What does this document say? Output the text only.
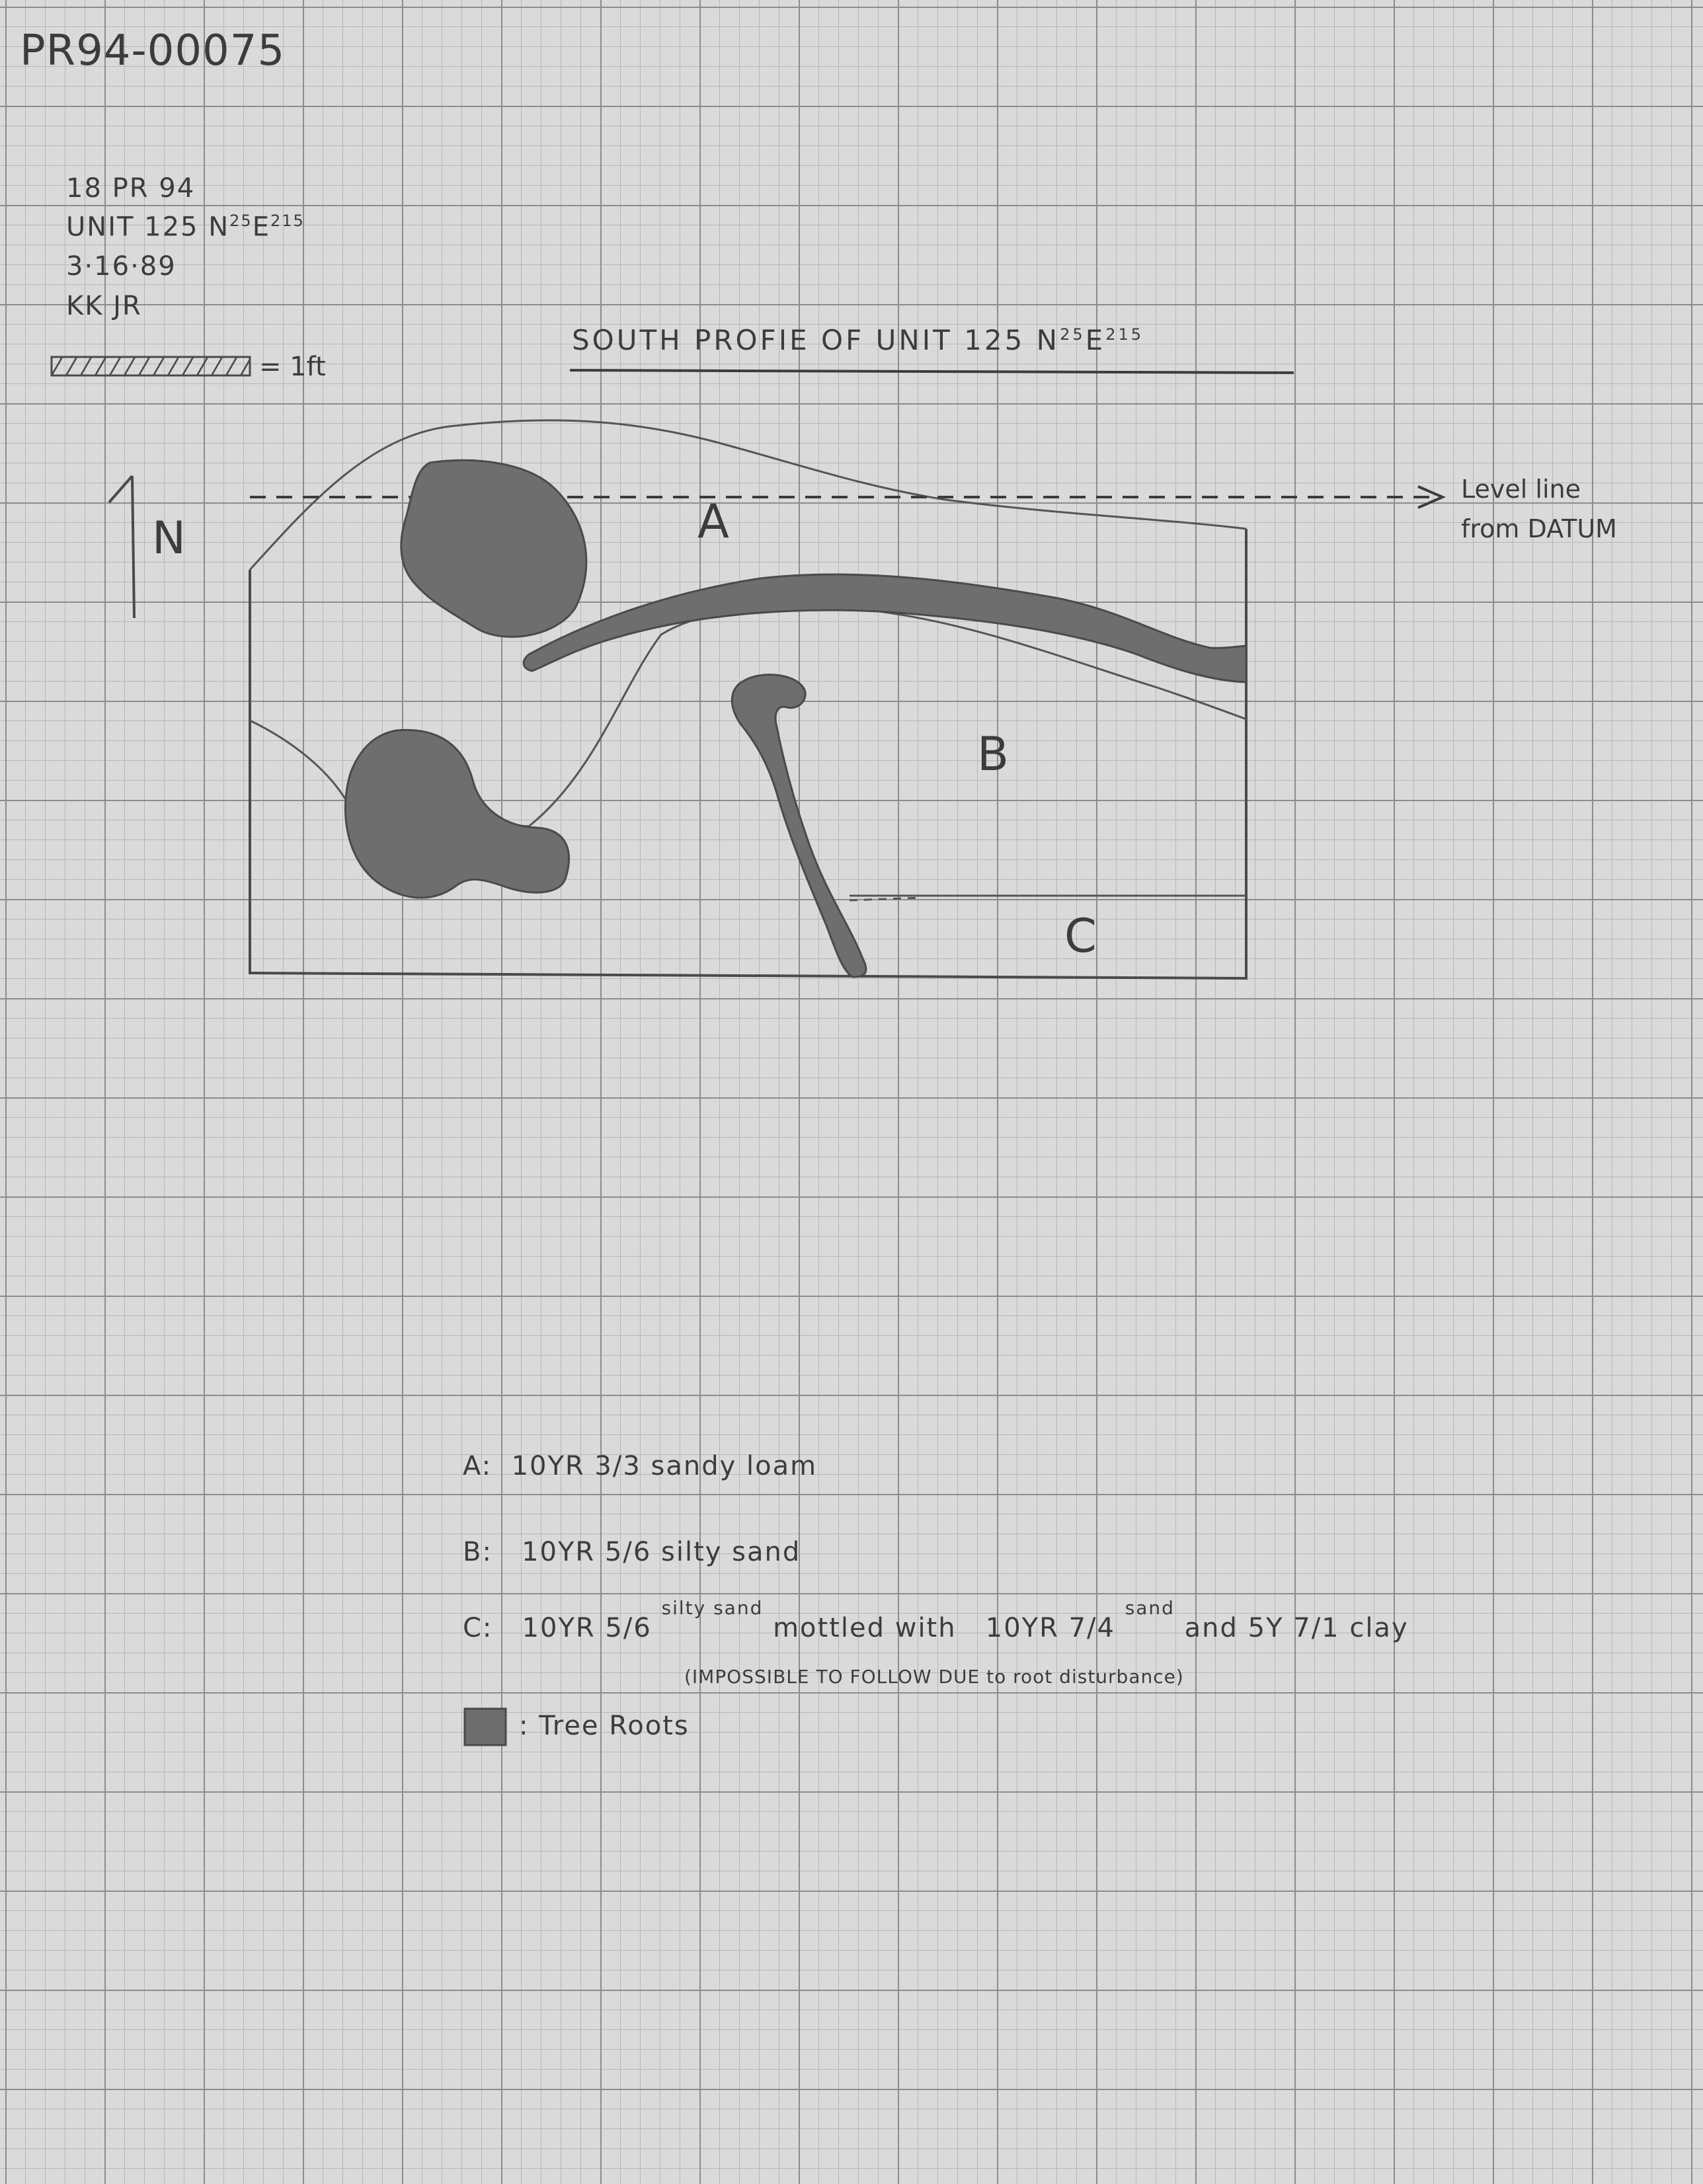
PR94-00075

18 PR 94

UNIT 125 $N^{25}E^{215}$

3·16·89

KK JR

= 1ft

SOUTH PROFIE OF UNIT 125 $N^{25}E^{215}$

N

Level line

from DATUM

A

B

C

A: 10YR 3/3 sandy loam

B: 10YR 5/6 silty sand

C: 10YR 5/6 $^{silty sand}$ mottled with 10YR 7/4 $^{sand}$ and 5Y 7/1 clay

(IMPOSSIBLE TO FOLLOW DUE to root disturbance)

: Tree Roots
